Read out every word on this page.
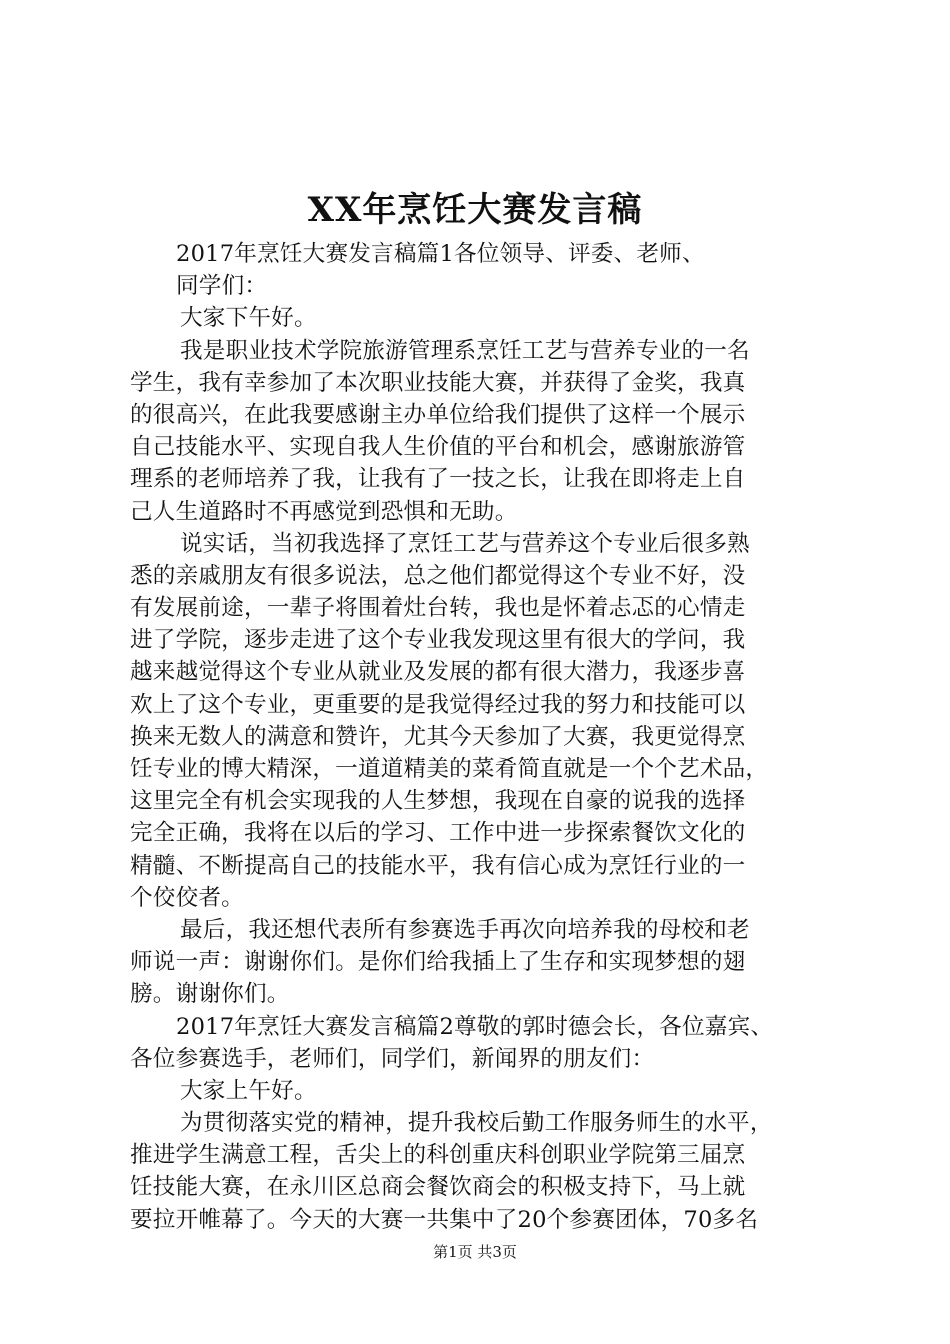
XX年烹饪大赛发言稿
2017年烹饪大赛发言稿篇1各位领导、评委、老师、
同学们：
大家下午好。
我是职业技术学院旅游管理系烹饪工艺与营养专业的一名
学生，我有幸参加了本次职业技能大赛，并获得了金奖，我真
的很高兴，在此我要感谢主办单位给我们提供了这样一个展示
自己技能水平、实现自我人生价值的平台和机会，感谢旅游管
理系的老师培养了我，让我有了一技之长，让我在即将走上自
己人生道路时不再感觉到恐惧和无助。
说实话，当初我选择了烹饪工艺与营养这个专业后很多熟
悉的亲戚朋友有很多说法，总之他们都觉得这个专业不好，没
有发展前途，一辈子将围着灶台转，我也是怀着忐忑的心情走
进了学院，逐步走进了这个专业我发现这里有很大的学问，我
越来越觉得这个专业从就业及发展的都有很大潜力，我逐步喜
欢上了这个专业，更重要的是我觉得经过我的努力和技能可以
换来无数人的满意和赞许，尤其今天参加了大赛，我更觉得烹
饪专业的博大精深，一道道精美的菜肴简直就是一个个艺术品，
这里完全有机会实现我的人生梦想，我现在自豪的说我的选择
完全正确，我将在以后的学习、工作中进一步探索餐饮文化的
精髓、不断提高自己的技能水平，我有信心成为烹饪行业的一
个佼佼者。
最后，我还想代表所有参赛选手再次向培养我的母校和老
师说一声：谢谢你们。是你们给我插上了生存和实现梦想的翅
膀。谢谢你们。
2017年烹饪大赛发言稿篇2尊敬的郭时德会长，各位嘉宾、
各位参赛选手，老师们，同学们，新闻界的朋友们：
大家上午好。
为贯彻落实党的精神，提升我校后勤工作服务师生的水平，
推进学生满意工程，舌尖上的科创重庆科创职业学院第三届烹
饪技能大赛，在永川区总商会餐饮商会的积极支持下，马上就
要拉开帷幕了。今天的大赛一共集中了20个参赛团体，70多名
第1页 共3页
